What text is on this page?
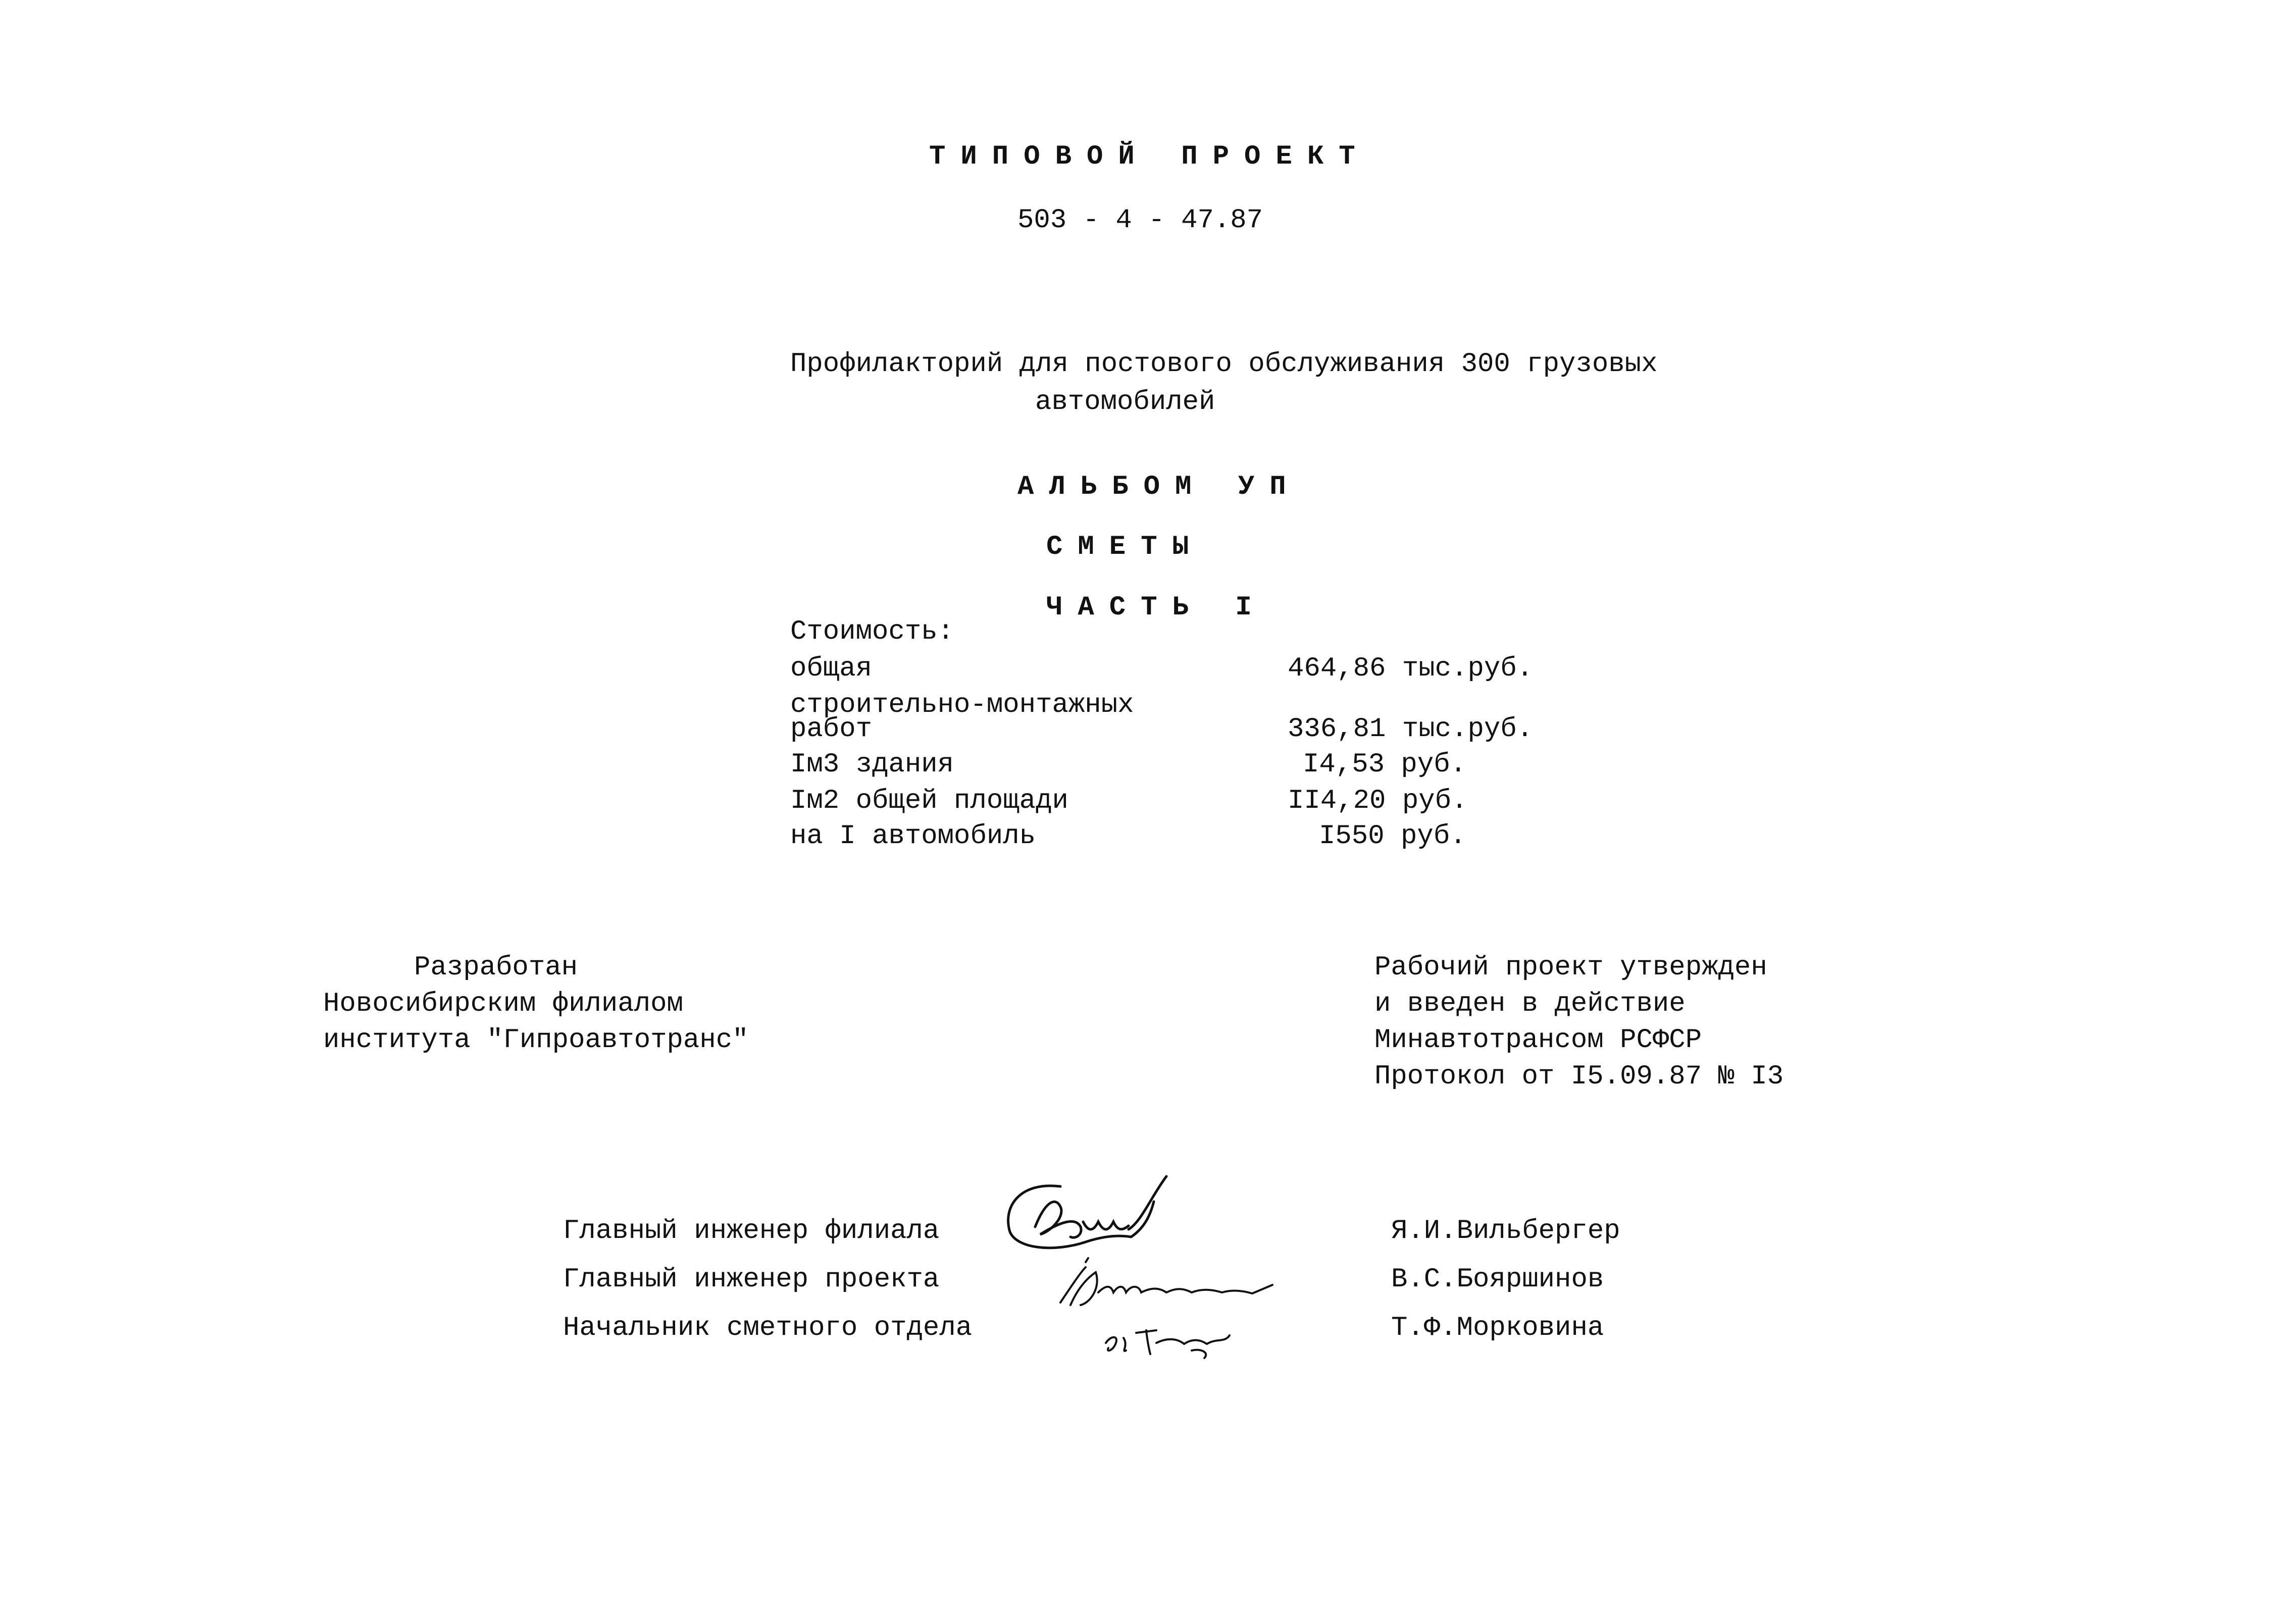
ТИПОВОЙ ПРОЕКТ
503 - 4 - 47.87
Профилакторий для постового обслуживания 300 грузовых
автомобилей
АЛЬБОМ УП
СМЕТЫ
ЧАСТЬ I
Стоимость:
общая	464,86 тыс.руб.
строительно-монтажных
работ	336,81 тыс.руб.
Iм3 здания	I4,53 руб.
Iм2 общей площади	II4,20 руб.
на I автомобиль	I550 руб.
Разработан
Новосибирским филиалом
института "Гипроавтотранс"
Рабочий проект утвержден
и введен в действие
Минавтотрансом РСФСР
Протокол от I5.09.87 № I3
Главный инженер филиала	Я.И.Вильбергер
Главный инженер проекта	В.С.Бояршинов
Начальник сметного отдела	Т.Ф.Морковина
